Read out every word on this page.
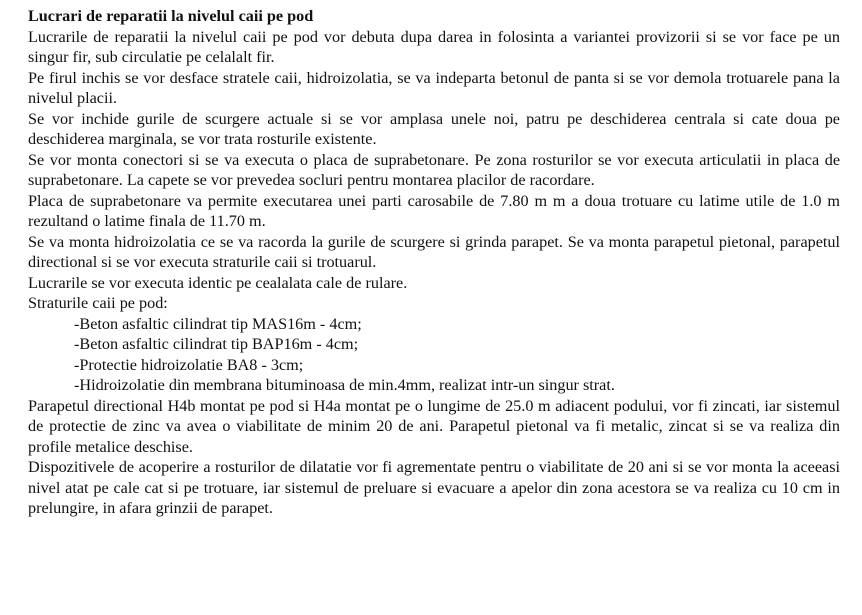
Lucrari de reparatii la nivelul caii pe pod

Lucrarile de reparatii la nivelul caii pe pod vor debuta dupa darea in folosinta a variantei provizorii si se vor face pe un singur fir, sub circulatie pe celalalt fir.

Pe firul inchis se vor desface stratele caii, hidroizolatia, se va indeparta betonul de panta si se vor demola trotuarele pana la nivelul placii.

Se vor inchide gurile de scurgere actuale si se vor amplasa unele noi, patru pe deschiderea centrala si cate doua pe deschiderea marginala, se vor trata rosturile existente.

Se vor monta conectori si se va executa o placa de suprabetonare. Pe zona rosturilor se vor executa articulatii in placa de suprabetonare. La capete se vor prevedea socluri pentru montarea placilor de racordare.

Placa de suprabetonare va permite executarea unei parti carosabile de 7.80 m m a doua trotuare cu latime utile de 1.0 m rezultand o latime finala de 11.70 m.

Se va monta hidroizolatia ce se va racorda la gurile de scurgere si grinda parapet. Se va monta parapetul pietonal, parapetul directional si se vor executa straturile caii si trotuarul.

Lucrarile se vor executa identic pe cealalata cale de rulare.

Straturile caii pe pod:

-Beton asfaltic cilindrat tip MAS16m - 4cm;
-Beton asfaltic cilindrat tip BAP16m - 4cm;
-Protectie hidroizolatie BA8 - 3cm;
-Hidroizolatie din membrana bituminoasa de min.4mm, realizat intr-un singur strat.

Parapetul directional H4b montat pe pod si H4a montat pe o lungime de 25.0 m adiacent podului, vor fi zincati, iar sistemul de protectie de zinc va avea o viabilitate de minim 20 de ani. Parapetul pietonal va fi metalic, zincat si se va realiza din profile metalice deschise.

Dispozitivele de acoperire a rosturilor de dilatatie vor fi agrementate pentru o viabilitate de 20 ani si se vor monta la aceeasi nivel atat pe cale cat si pe trotuare, iar sistemul de preluare si evacuare a apelor din zona acestora se va realiza cu 10 cm in prelungire, in afara grinzii de parapet.
